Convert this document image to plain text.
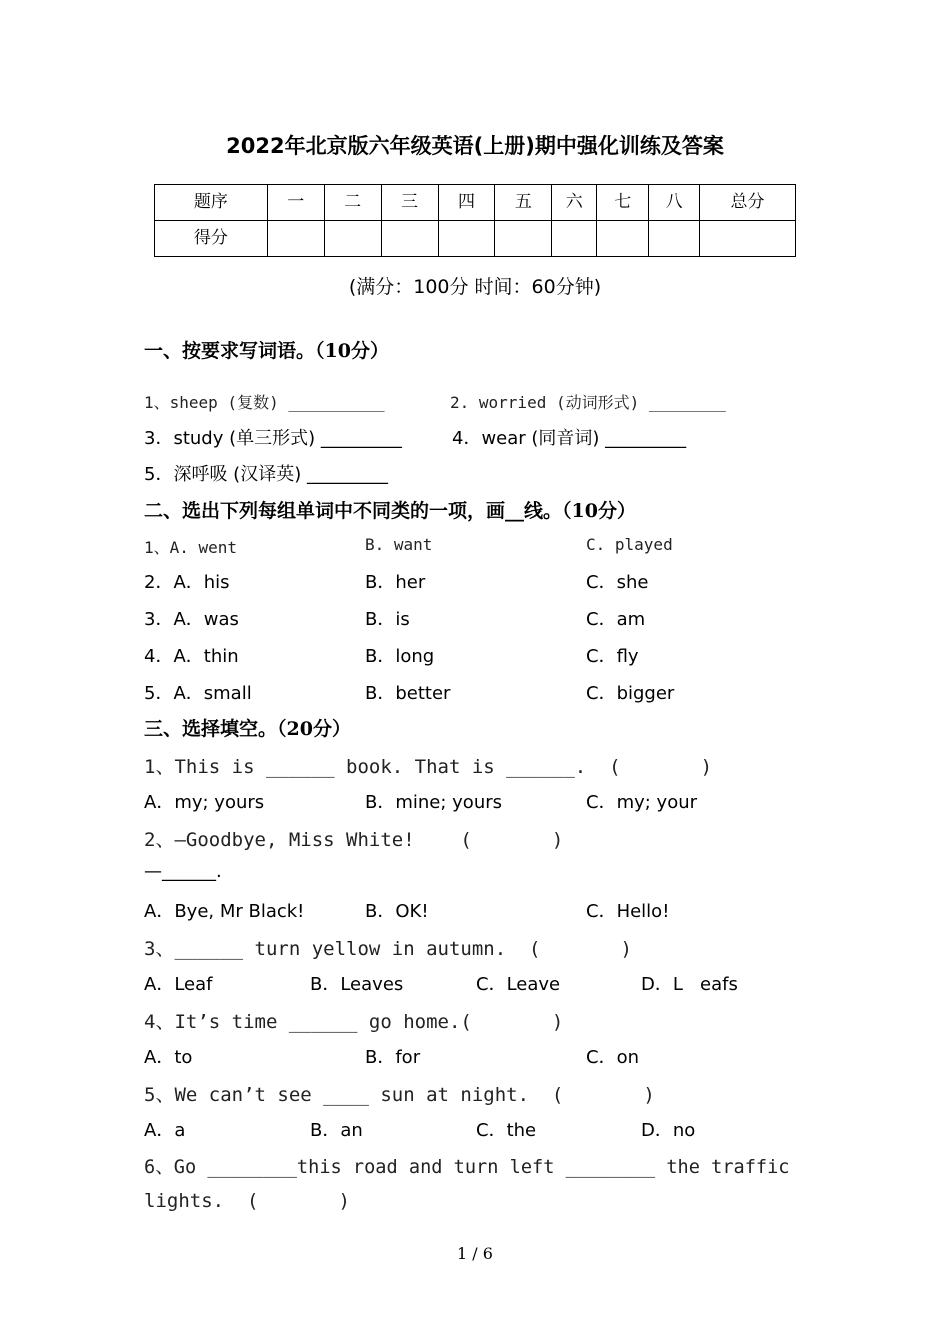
2022年北京版六年级英语(上册)期中强化训练及答案
题序	一	二	三	四	五	六	七	八	总分
得分									
(满分：100分 时间：60分钟)
一、按要求写词语。（10分）
1、sheep (复数) __________	2. worried (动词形式) ________
3．study (单三形式) _________	4．wear (同音词) _________
5．深呼吸 (汉译英) _________
二、选出下列每组单词中不同类的一项，画__线。（10分）
1、A. went	B. want	C. played
2．A．his	B．her	C．she
3．A．was	B．is	C．am
4．A．thin	B．long	C．fly
5．A．small	B．better	C．bigger
三、选择填空。（20分）
1、This is ______ book. That is ______.  (       )
A．my; yours	B．mine; yours	C．my; your
2、—Goodbye, Miss White!    (       )
—______.
A．Bye, Mr Black!	B．OK!	C．Hello!
3、______ turn yellow in autumn.  (       )
A．Leaf	B．Leaves	C．Leave	D．L   eafs
4、It’s time ______ go home.(       )
A．to	B．for	C．on
5、We can’t see ____ sun at night.  (       )
A．a	B．an	C．the	D．no
6、Go ________this road and turn left ________ the traffic
lights.  (       )
1 / 6
